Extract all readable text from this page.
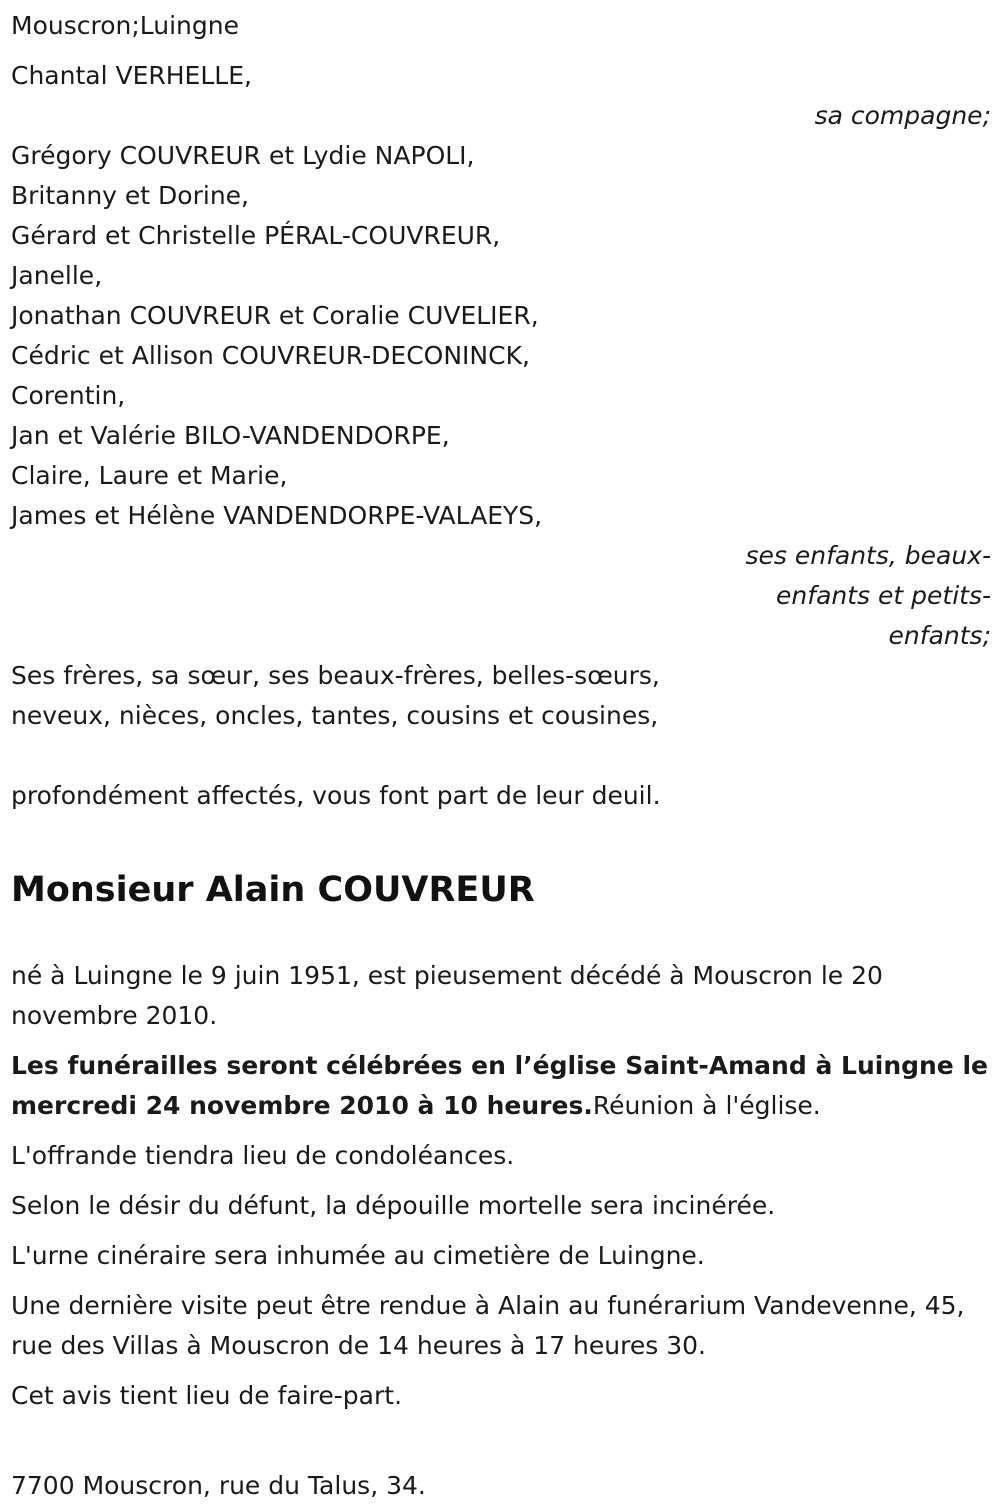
Mouscron;Luingne
Chantal VERHELLE,
sa compagne;
Grégory COUVREUR et Lydie NAPOLI,
Britanny et Dorine,
Gérard et Christelle PÉRAL-COUVREUR,
Janelle,
Jonathan COUVREUR et Coralie CUVELIER,
Cédric et Allison COUVREUR-DECONINCK,
Corentin,
Jan et Valérie BILO-VANDENDORPE,
Claire, Laure et Marie,
James et Hélène VANDENDORPE-VALAEYS,
ses enfants, beaux-
enfants et petits-
enfants;
Ses frères, sa sœur, ses beaux-frères, belles-sœurs,
neveux, nièces, oncles, tantes, cousins et cousines,
profondément affectés, vous font part de leur deuil.
Monsieur Alain COUVREUR
né à Luingne le 9 juin 1951, est pieusement décédé à Mouscron le 20 novembre 2010.
Les funérailles seront célébrées en l’église Saint-Amand à Luingne le mercredi 24 novembre 2010 à 10 heures.Réunion à l'église.
L'offrande tiendra lieu de condoléances.
Selon le désir du défunt, la dépouille mortelle sera incinérée.
L'urne cinéraire sera inhumée au cimetière de Luingne.
Une dernière visite peut être rendue à Alain au funérarium Vandevenne, 45, rue des Villas à Mouscron de 14 heures à 17 heures 30.
Cet avis tient lieu de faire-part.
7700 Mouscron, rue du Talus, 34.
